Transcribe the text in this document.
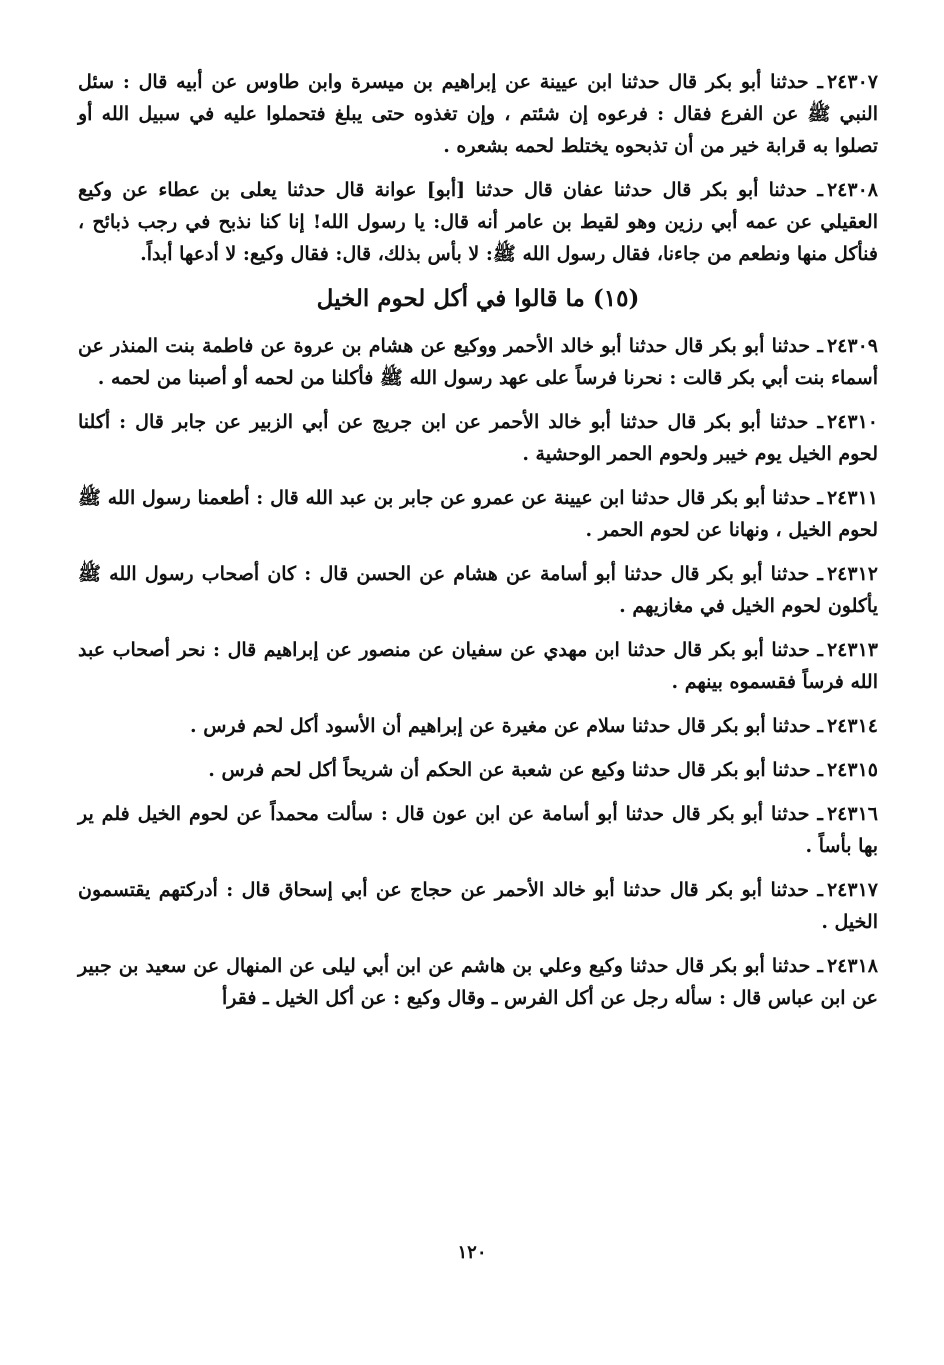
٢٤٣٠٧ـ حدثنا أبو بكر قال حدثنا ابن عيينة عن إبراهيم بن ميسرة وابن طاوس عن أبيه قال : سئل النبي ﷺ عن الفرع فقال : فرعوه إن شئتم ، وإن تغذوه حتى يبلغ فتحملوا عليه في سبيل الله أو تصلوا به قرابة خير من أن تذبحوه يختلط لحمه بشعره .

٢٤٣٠٨ـ حدثنا أبو بكر قال حدثنا عفان قال حدثنا [أبو] عوانة قال حدثنا يعلى بن عطاء عن وكيع العقيلي عن عمه أبي رزين وهو لقيط بن عامر أنه قال: يا رسول الله! إنا كنا نذبح في رجب ذبائح ، فنأكل منها ونطعم من جاءنا، فقال رسول الله ﷺ: لا بأس بذلك، قال: فقال وكيع: لا أدعها أبداً.

(١٥) ما قالوا في أكل لحوم الخيل

٢٤٣٠٩ـ حدثنا أبو بكر قال حدثنا أبو خالد الأحمر ووكيع عن هشام بن عروة عن فاطمة بنت المنذر عن أسماء بنت أبي بكر قالت : نحرنا فرساً على عهد رسول الله ﷺ فأكلنا من لحمه أو أصبنا من لحمه .

٢٤٣١٠ـ حدثنا أبو بكر قال حدثنا أبو خالد الأحمر عن ابن جريج عن أبي الزبير عن جابر قال : أكلنا لحوم الخيل يوم خيبر ولحوم الحمر الوحشية .

٢٤٣١١ـ حدثنا أبو بكر قال حدثنا ابن عيينة عن عمرو عن جابر بن عبد الله قال : أطعمنا رسول الله ﷺ لحوم الخيل ، ونهانا عن لحوم الحمر .

٢٤٣١٢ـ حدثنا أبو بكر قال حدثنا أبو أسامة عن هشام عن الحسن قال : كان أصحاب رسول الله ﷺ يأكلون لحوم الخيل في مغازيهم .

٢٤٣١٣ـ حدثنا أبو بكر قال حدثنا ابن مهدي عن سفيان عن منصور عن إبراهيم قال : نحر أصحاب عبد الله فرساً فقسموه بينهم .

٢٤٣١٤ـ حدثنا أبو بكر قال حدثنا سلام عن مغيرة عن إبراهيم أن الأسود أكل لحم فرس .

٢٤٣١٥ـ حدثنا أبو بكر قال حدثنا وكيع عن شعبة عن الحكم أن شريحاً أكل لحم فرس .

٢٤٣١٦ـ حدثنا أبو بكر قال حدثنا أبو أسامة عن ابن عون قال : سألت محمداً عن لحوم الخيل فلم ير بها بأساً .

٢٤٣١٧ـ حدثنا أبو بكر قال حدثنا أبو خالد الأحمر عن حجاج عن أبي إسحاق قال : أدركتهم يقتسمون الخيل .

٢٤٣١٨ـ حدثنا أبو بكر قال حدثنا وكيع وعلي بن هاشم عن ابن أبي ليلى عن المنهال عن سعيد بن جبير عن ابن عباس قال : سأله رجل عن أكل الفرس ـ وقال وكيع : عن أكل الخيل ـ فقرأ

١٢٠
